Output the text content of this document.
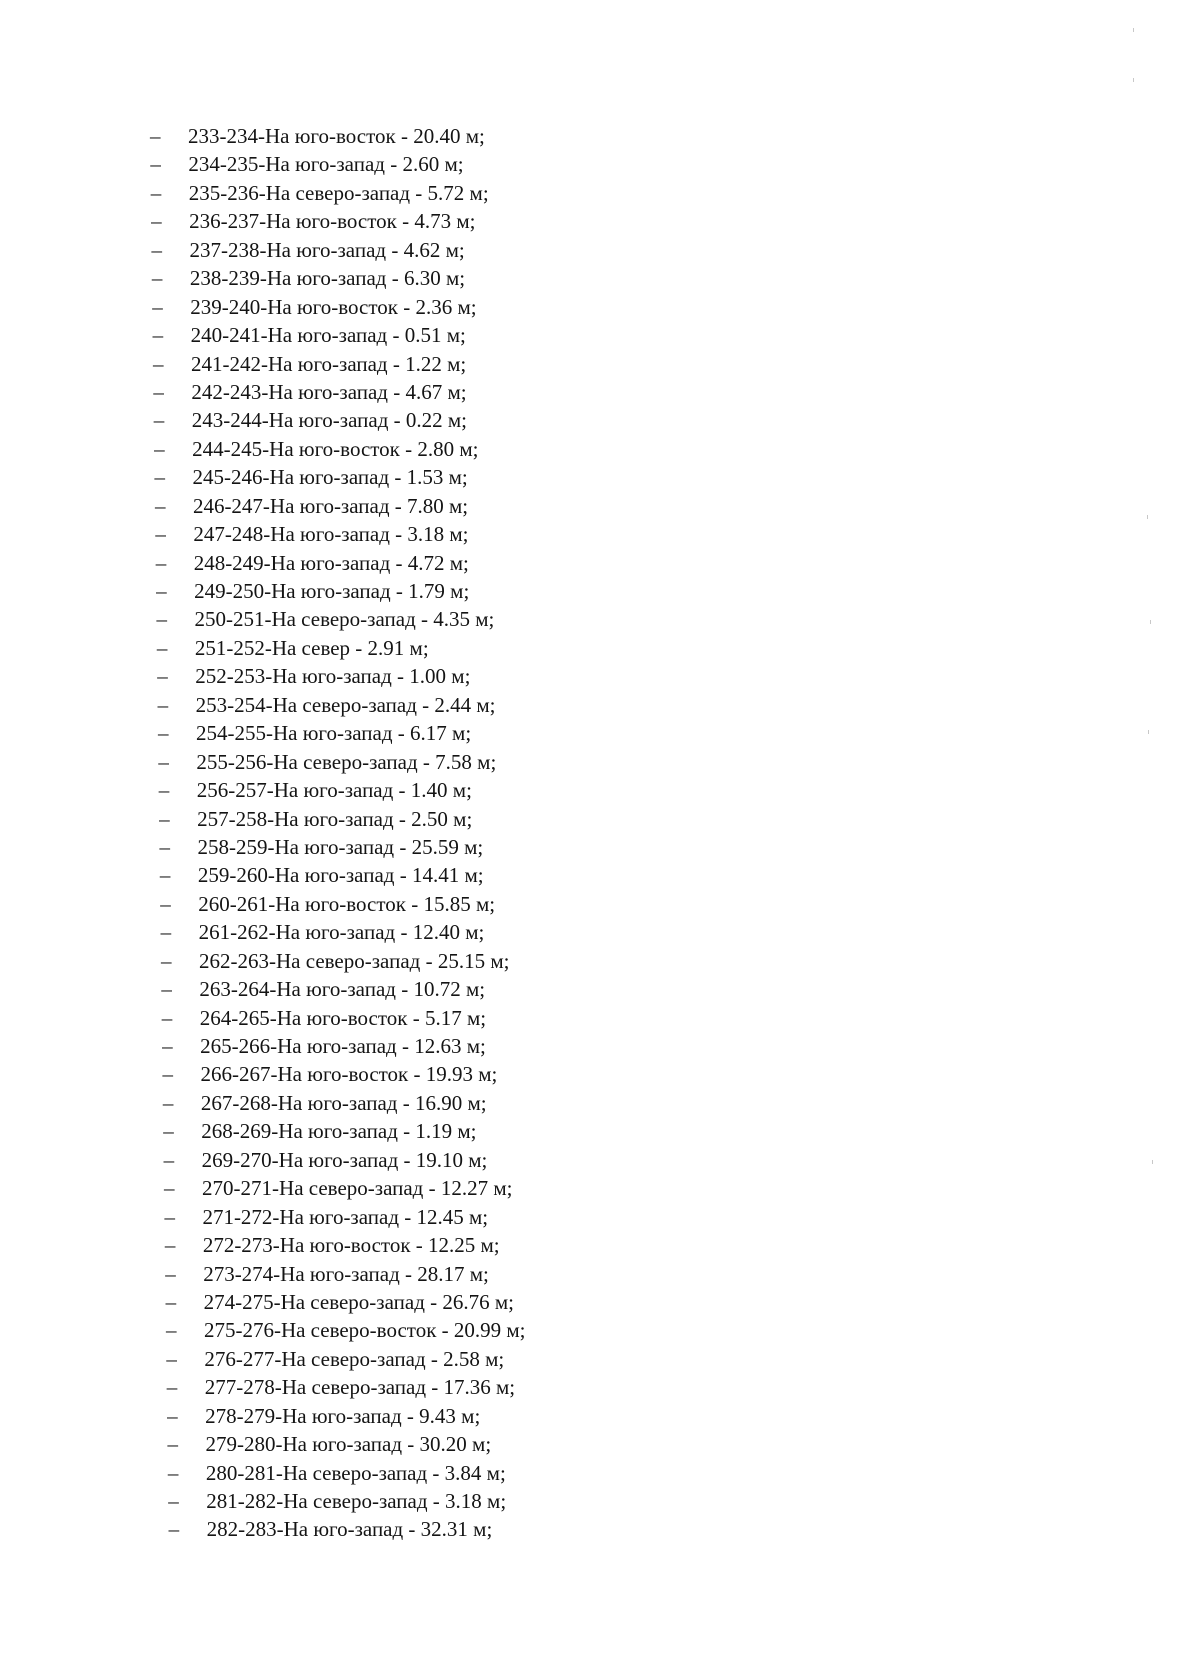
–	233-234-На юго-восток - 20.40 м;
–	234-235-На юго-запад - 2.60 м;
–	235-236-На северо-запад - 5.72 м;
–	236-237-На юго-восток - 4.73 м;
–	237-238-На юго-запад - 4.62 м;
–	238-239-На юго-запад - 6.30 м;
–	239-240-На юго-восток - 2.36 м;
–	240-241-На юго-запад - 0.51 м;
–	241-242-На юго-запад - 1.22 м;
–	242-243-На юго-запад - 4.67 м;
–	243-244-На юго-запад - 0.22 м;
–	244-245-На юго-восток - 2.80 м;
–	245-246-На юго-запад - 1.53 м;
–	246-247-На юго-запад - 7.80 м;
–	247-248-На юго-запад - 3.18 м;
–	248-249-На юго-запад - 4.72 м;
–	249-250-На юго-запад - 1.79 м;
–	250-251-На северо-запад - 4.35 м;
–	251-252-На север - 2.91 м;
–	252-253-На юго-запад - 1.00 м;
–	253-254-На северо-запад - 2.44 м;
–	254-255-На юго-запад - 6.17 м;
–	255-256-На северо-запад - 7.58 м;
–	256-257-На юго-запад - 1.40 м;
–	257-258-На юго-запад - 2.50 м;
–	258-259-На юго-запад - 25.59 м;
–	259-260-На юго-запад - 14.41 м;
–	260-261-На юго-восток - 15.85 м;
–	261-262-На юго-запад - 12.40 м;
–	262-263-На северо-запад - 25.15 м;
–	263-264-На юго-запад - 10.72 м;
–	264-265-На юго-восток - 5.17 м;
–	265-266-На юго-запад - 12.63 м;
–	266-267-На юго-восток - 19.93 м;
–	267-268-На юго-запад - 16.90 м;
–	268-269-На юго-запад - 1.19 м;
–	269-270-На юго-запад - 19.10 м;
–	270-271-На северо-запад - 12.27 м;
–	271-272-На юго-запад - 12.45 м;
–	272-273-На юго-восток - 12.25 м;
–	273-274-На юго-запад - 28.17 м;
–	274-275-На северо-запад - 26.76 м;
–	275-276-На северо-восток - 20.99 м;
–	276-277-На северо-запад - 2.58 м;
–	277-278-На северо-запад - 17.36 м;
–	278-279-На юго-запад - 9.43 м;
–	279-280-На юго-запад - 30.20 м;
–	280-281-На северо-запад - 3.84 м;
–	281-282-На северо-запад - 3.18 м;
–	282-283-На юго-запад - 32.31 м;
